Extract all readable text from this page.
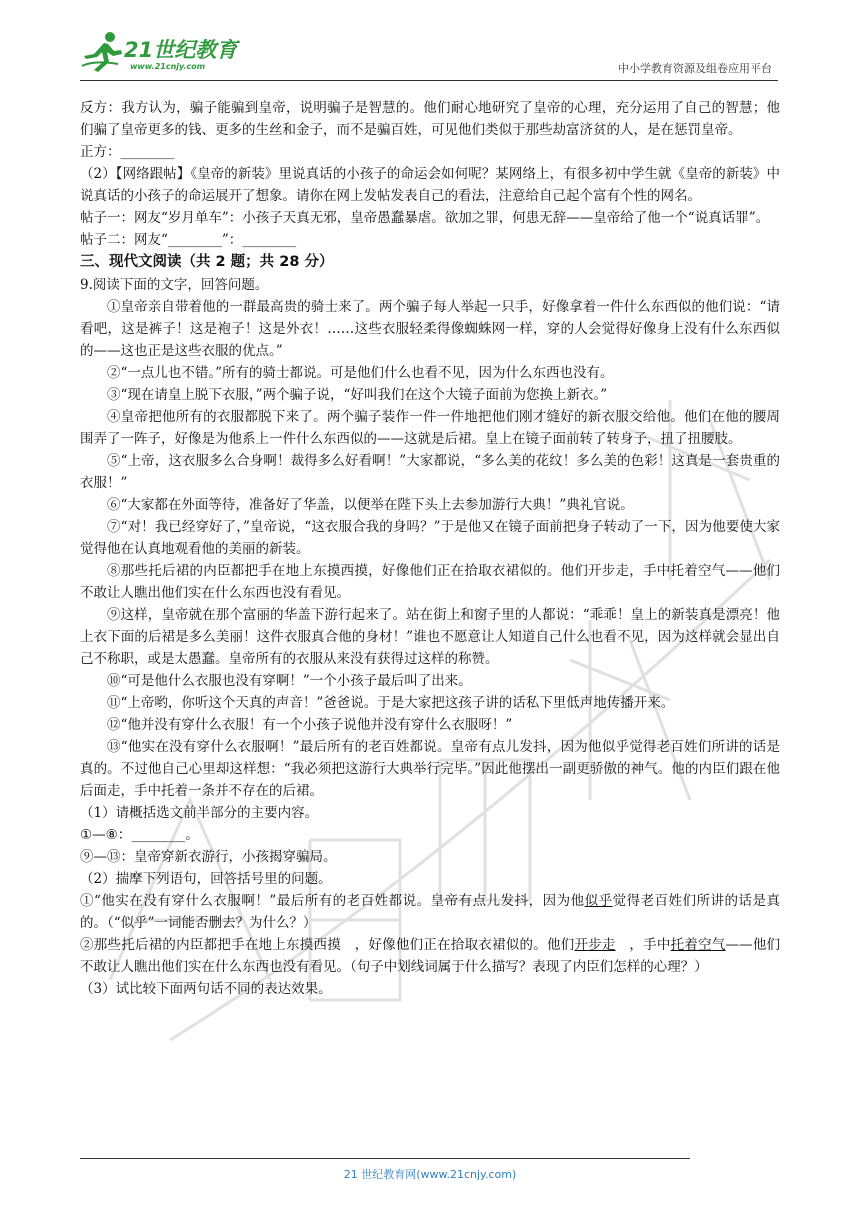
21世纪教育
www.21cnjy.com	中小学教育资源及组卷应用平台

反方：我方认为，骗子能骗到皇帝，说明骗子是智慧的。他们耐心地研究了皇帝的心理，充分运用了自己的智慧；他们骗了皇帝更多的钱、更多的生丝和金子，而不是骗百姓，可见他们类似于那些劫富济贫的人，是在惩罚皇帝。

正方：________

（2）【网络跟帖】《皇帝的新装》里说真话的小孩子的命运会如何呢？某网络上，有很多初中学生就《皇帝的新装》中说真话的小孩子的命运展开了想象。请你在网上发帖发表自己的看法，注意给自己起个富有个性的网名。

帖子一：网友“岁月单车”：小孩子天真无邪，皇帝愚蠢暴虐。欲加之罪，何患无辞——皇帝给了他一个“说真话罪”。

帖子二：网友“________”：________

三、现代文阅读（共 2 题；共 28 分）

9.阅读下面的文字，回答问题。

①皇帝亲自带着他的一群最高贵的骑士来了。两个骗子每人举起一只手，好像拿着一件什么东西似的他们说：“请看吧，这是裤子！这是袍子！这是外衣！……这些衣服轻柔得像蜘蛛网一样，穿的人会觉得好像身上没有什么东西似的——这也正是这些衣服的优点。”

②“一点儿也不错。”所有的骑士都说。可是他们什么也看不见，因为什么东西也没有。

③“现在请皇上脱下衣服，”两个骗子说，“好叫我们在这个大镜子面前为您换上新衣。”

④皇帝把他所有的衣服都脱下来了。两个骗子装作一件一件地把他们刚才缝好的新衣服交给他。他们在他的腰周围弄了一阵子，好像是为他系上一件什么东西似的——这就是后裙。皇上在镜子面前转了转身子，扭了扭腰肢。

⑤“上帝，这衣服多么合身啊！裁得多么好看啊！”大家都说，“多么美的花纹！多么美的色彩！这真是一套贵重的衣服！”

⑥“大家都在外面等待，准备好了华盖，以便举在陛下头上去参加游行大典！”典礼官说。

⑦“对！我已经穿好了，”皇帝说，“这衣服合我的身吗？”于是他又在镜子面前把身子转动了一下，因为他要使大家觉得他在认真地观看他的美丽的新装。

⑧那些托后裙的内臣都把手在地上东摸西摸，好像他们正在拾取衣裙似的。他们开步走，手中托着空气——他们不敢让人瞧出他们实在什么东西也没有看见。

⑨这样，皇帝就在那个富丽的华盖下游行起来了。站在街上和窗子里的人都说：“乖乖！皇上的新装真是漂亮！他上衣下面的后裙是多么美丽！这件衣服真合他的身材！”谁也不愿意让人知道自己什么也看不见，因为这样就会显出自己不称职，或是太愚蠢。皇帝所有的衣服从来没有获得过这样的称赞。

⑩“可是他什么衣服也没有穿啊！”一个小孩子最后叫了出来。

⑪“上帝哟，你听这个天真的声音！”爸爸说。于是大家把这孩子讲的话私下里低声地传播开来。

⑫“他并没有穿什么衣服！有一个小孩子说他并没有穿什么衣服呀！”

⑬“他实在没有穿什么衣服啊！”最后所有的老百姓都说。皇帝有点儿发抖，因为他似乎觉得老百姓们所讲的话是真的。不过他自己心里却这样想：“我必须把这游行大典举行完毕。”因此他摆出一副更骄傲的神气。他的内臣们跟在他后面走，手中托着一条并不存在的后裙。

（1）请概括选文前半部分的主要内容。

①—⑧：________。

⑨—⑬：皇帝穿新衣游行，小孩揭穿骗局。

（2）揣摩下列语句，回答括号里的问题。

①“他实在没有穿什么衣服啊！”最后所有的老百姓都说。皇帝有点儿发抖，因为他似乎觉得老百姓们所讲的话是真的。（“似乎”一词能否删去？为什么？）

②那些托后裙的内臣都把手在地上东摸西摸　，好像他们正在拾取衣裙似的。他们开步走　，手中托着空气——他们不敢让人瞧出他们实在什么东西也没有看见。（句子中划线词属于什么描写？表现了内臣们怎样的心理？）

（3）试比较下面两句话不同的表达效果。

21 世纪教育网(www.21cnjy.com)
